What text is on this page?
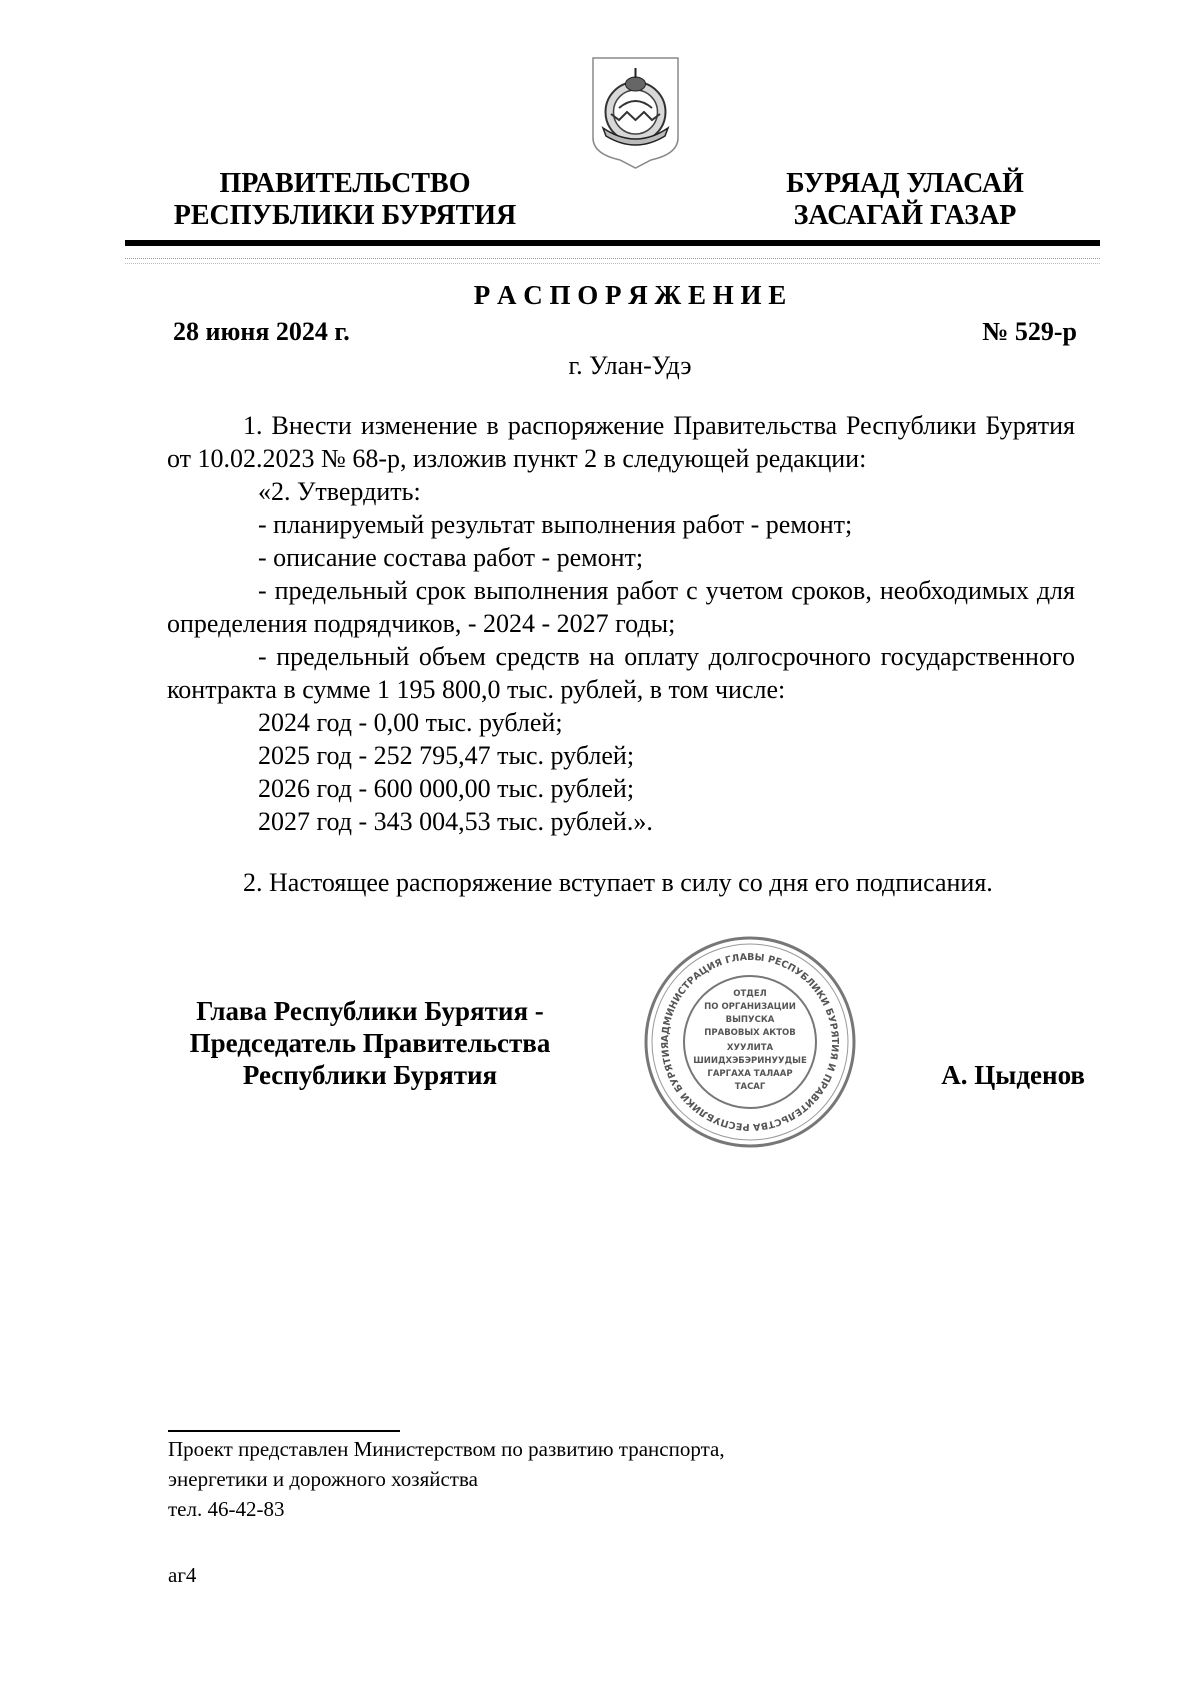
ПРАВИТЕЛЬСТВО
РЕСПУБЛИКИ БУРЯТИЯ
БУРЯАД УЛАСАЙ
ЗАСАГАЙ ГАЗАР
Р А С П О Р Я Ж Е Н И Е
28 июня 2024 г.	№ 529-р
г. Улан-Удэ

1. Внести изменение в распоряжение Правительства Республики Бурятия от 10.02.2023 № 68-р, изложив пункт 2 в следующей редакции:

«2. Утвердить:
- планируемый результат выполнения работ - ремонт;
- описание состава работ - ремонт;

- предельный срок выполнения работ с учетом сроков, необходимых для определения подрядчиков, - 2024 - 2027 годы;

- предельный объем средств на оплату долгосрочного государственного контракта в сумме 1 195 800,0 тыс. рублей, в том числе:

2024 год - 0,00 тыс. рублей;
2025 год - 252 795,47 тыс. рублей;
2026 год - 600 000,00 тыс. рублей;
2027 год - 343 004,53 тыс. рублей.».
2. Настоящее распоряжение вступает в силу со дня его подписания.
Глава Республики Бурятия -
Председатель Правительства
Республики Бурятия
АДМИНИСТРАЦИЯ ГЛАВЫ РЕСПУБЛИКИ БУРЯТИЯ И ПРАВИТЕЛЬСТВА РЕСПУБЛИКИ БУРЯТИЯ
ОТДЕЛ
ПО ОРГАНИЗАЦИИ
ВЫПУСКА
ПРАВОВЫХ АКТОВ
ХУУЛИТА
ШИИДХЭБЭРИНУУДЫЕ
ГАРГАХА ТАЛААР
ТАСАГ	А. Цыденов
Проект представлен Министерством по развитию транспорта,
энергетики и дорожного хозяйства
тел. 46-42-83
аг4
